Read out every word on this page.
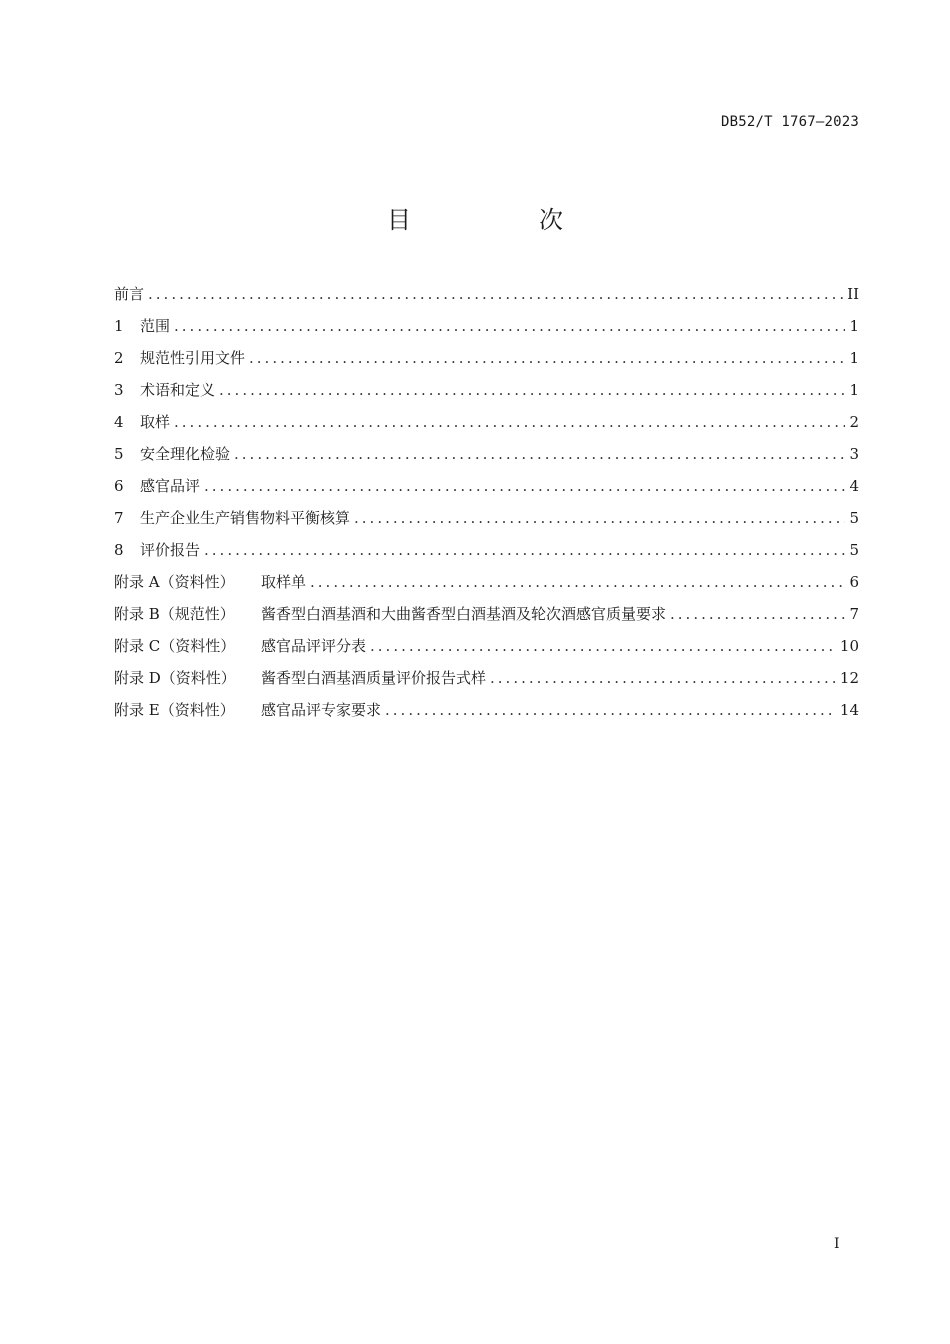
DB52/T 1767—2023
目　次
前言 .....	II
1	范围 .....	1
2	规范性引用文件 .....	1
3	术语和定义 .....	1
4	取样 .....	2
5	安全理化检验 .....	3
6	感官品评 .....	4
7	生产企业生产销售物料平衡核算 .....	5
8	评价报告 .....	5
附录 A（资料性）	取样单 .....	6
附录 B（规范性）	酱香型白酒基酒和大曲酱香型白酒基酒及轮次酒感官质量要求 .....	7
附录 C（资料性）	感官品评评分表 .....	10
附录 D（资料性）	酱香型白酒基酒质量评价报告式样 .....	12
附录 E（资料性）	感官品评专家要求 .....	14
I
